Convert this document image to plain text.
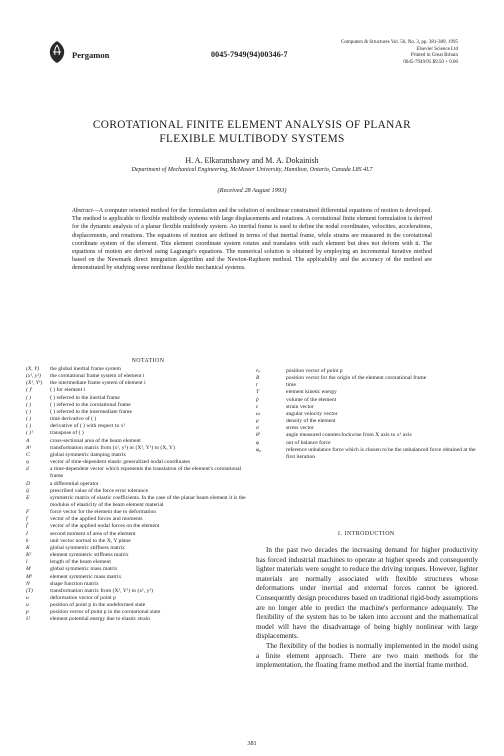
Pergamon	0045-7949(94)00346-7
Computers & Structures Vol. 56, No. 3, pp. 381-389, 1995
Elsevier Science Ltd
Printed in Great Britain
0045-7949/95 $9.50 + 0.00
COROTATIONAL FINITE ELEMENT ANALYSIS OF PLANAR
FLEXIBLE MULTIBODY SYSTEMS
H. A. Elkaranshawy and M. A. Dokainish
Department of Mechanical Engineering, McMaster University, Hamilton, Ontario, Canada L8S 4L7
(Received 28 August 1993)
Abstract—A computer oriented method for the formulation and the solution of nonlinear constrained differential equations of motion is developed. The method is applicable to flexible multibody systems with large displacements and rotations. A corotational finite element formulation is derived for the dynamic analysis of a planar flexible multibody system. An inertial frame is used to define the nodal coordinates, velocities, accelerations, displacements, and rotations. The equations of motion are defined in terms of that inertial frame, while strains are measured in the corotational coordinate system of the element. This element coordinate system rotates and translates with each element but does not deform with it. The equations of motion are derived using Lagrange's equations. The numerical solution is obtained by employing an incremental iterative method based on the Newmark direct integration algorithm and the Newton-Raphson method. The applicability and the accuracy of the method are demonstrated by studying some nonlinear flexible mechanical systems.
NOTATION
(X, Y)	the global inertial frame system
(x¹, y¹)	the corotational frame system of element i
(X¹, Y¹)	the intermediate frame system of element i
( )ⁱ	( ) for element i
( )	( ) referred to the inertial frame
( )	( ) referred to the corotational frame
( )	( ) referred to the intermediate frame
( )	time derivative of ( )
( )	derivative of ( ) with respect to x¹
( )ᵀ	transpose of ( )
A	cross-sectional area of the beam element
A¹	transformation matrix from (x¹, y¹) or (X¹, Y¹) to (X, Y)
C	global symmetric damping matrix
q	vector of time-dependent elastic generalized nodal coordinates
d	a time-dependent vector which represents the translation of the element's corotational frame
D	a differential operator
q̄	prescribed value of the force error tolerance
E	symmetric matrix of elastic coefficients. In the case of the planar beam element it is the modulus of elasticity of the beam element material
F	force vector for the element due to deformation
f	vector of the applied forces and moments
f̄	vector of the applied nodal forces on the element
I	second moment of area of the element
k	unit vector normal to the X, Y plane
K	global symmetric stiffness matrix
K¹	element symmetric stiffness matrix
l	length of the beam element
M	global symmetric mass matrix
M¹	element symmetric mass matrix
N	shape function matrix
(T)	transformation matrix from (X¹, Y¹) to (x¹, y¹)
u	deformation vector of point p
u	position of point p in the undeformed state
p	position vector of point p in the corotational state
U	element potential energy due to elastic strain
rₚ	position vector of point p
R	position vector for the origin of the element corotational frame
t	time
T	element kinetic energy
p̄	volume of the element
ε	strain vector
ω	angular velocity vector
ρ	density of the element
σ	stress vector
θⁱ	angle measured counterclockwise from X axis to x¹ axis
φ	out of balance force
φ₀	reference unbalance force which is chosen to be the unbalanced force obtained at the first iteration
1. INTRODUCTION
In the past two decades the increasing demand for higher productivity has forced industrial machines to operate at higher speeds and consequently lighter materials were sought to reduce the driving torques. However, lighter materials are normally associated with flexible structures whose deformations under inertial and external forces cannot be ignored. Consequently design procedures based on traditional rigid-body assumptions are no longer able to predict the machine's performance adequately. The flexibility of the system has to be taken into account and the mathematical model will have the disadvantage of being highly nonlinear with large displacements.
The flexibility of the bodies is normally implemented in the model using a finite element approach. There are two main methods for the implementation, the floating frame method and the inertial frame method.
381
